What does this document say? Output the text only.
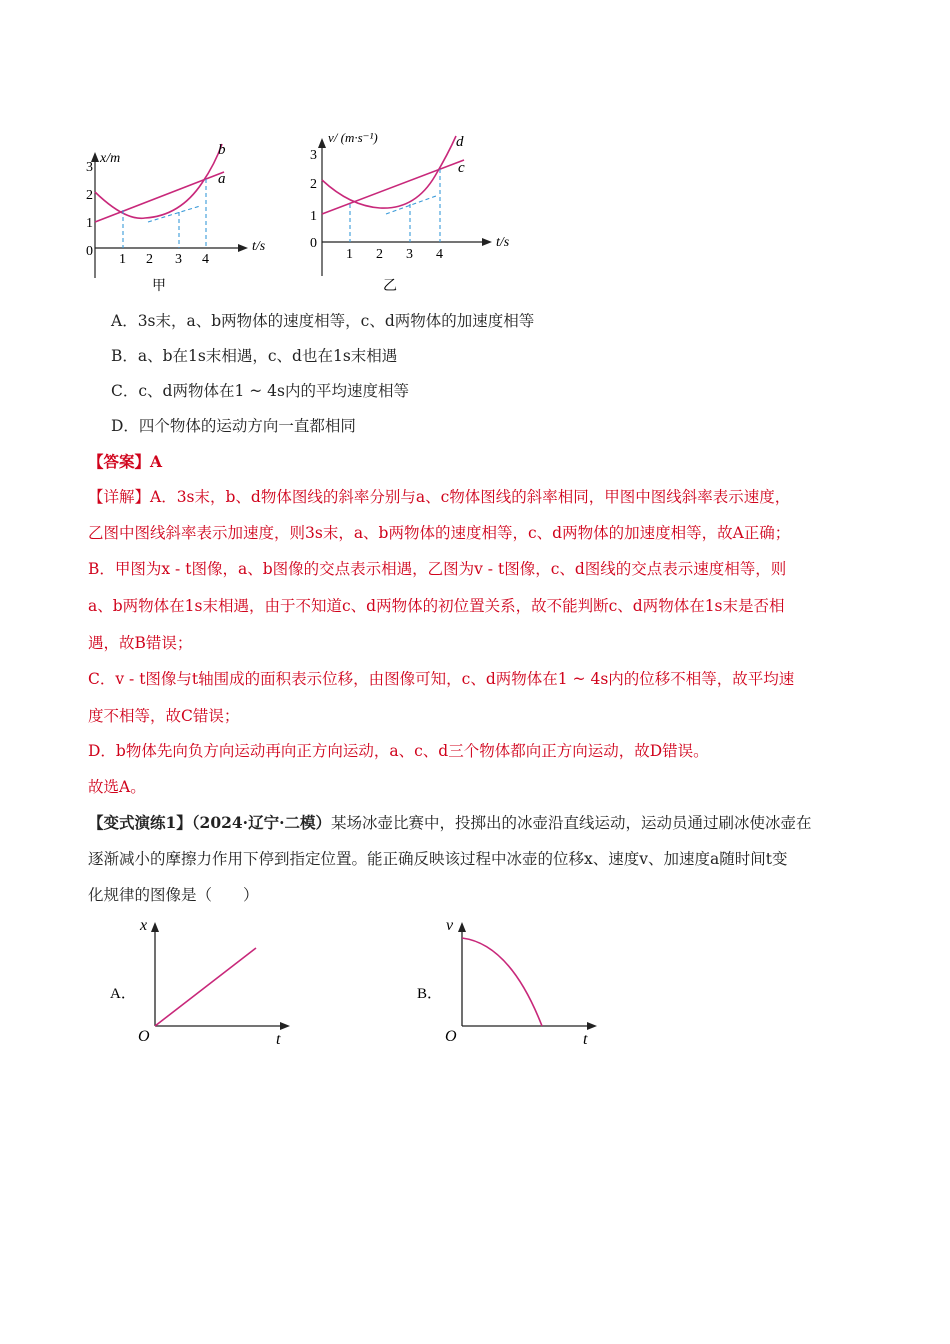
x/m
t/s
3
2
1
0
1 2 3 4
b
a
甲
v/ (m·s⁻¹)
t/s
3
2
1
0
1 2 3 4
d
c
乙
A．3s末，a、b两物体的速度相等，c、d两物体的加速度相等
B．a、b在1s末相遇，c、d也在1s末相遇
C．c、d两物体在1 ~ 4s内的平均速度相等
D．四个物体的运动方向一直都相同
【答案】A
【详解】A．3s末，b、d物体图线的斜率分别与a、c物体图线的斜率相同，甲图中图线斜率表示速度，
乙图中图线斜率表示加速度，则3s末，a、b两物体的速度相等，c、d两物体的加速度相等，故A正确；
B．甲图为x - t图像，a、b图像的交点表示相遇，乙图为v - t图像，c、d图线的交点表示速度相等，则
a、b两物体在1s末相遇，由于不知道c、d两物体的初位置关系，故不能判断c、d两物体在1s末是否相
遇，故B错误；
C．v - t图像与t轴围成的面积表示位移，由图像可知，c、d两物体在1 ~ 4s内的位移不相等，故平均速
度不相等，故C错误；
D．b物体先向负方向运动再向正方向运动，a、c、d三个物体都向正方向运动，故D错误。
故选A。
【变式演练1】（2024·辽宁·二模）某场冰壶比赛中，投掷出的冰壶沿直线运动，运动员通过刷冰使冰壶在
逐渐减小的摩擦力作用下停到指定位置。能正确反映该过程中冰壶的位移x、速度v、加速度a随时间t变
化规律的图像是（　　）
A．
x
t
O
B．
v
t
O
